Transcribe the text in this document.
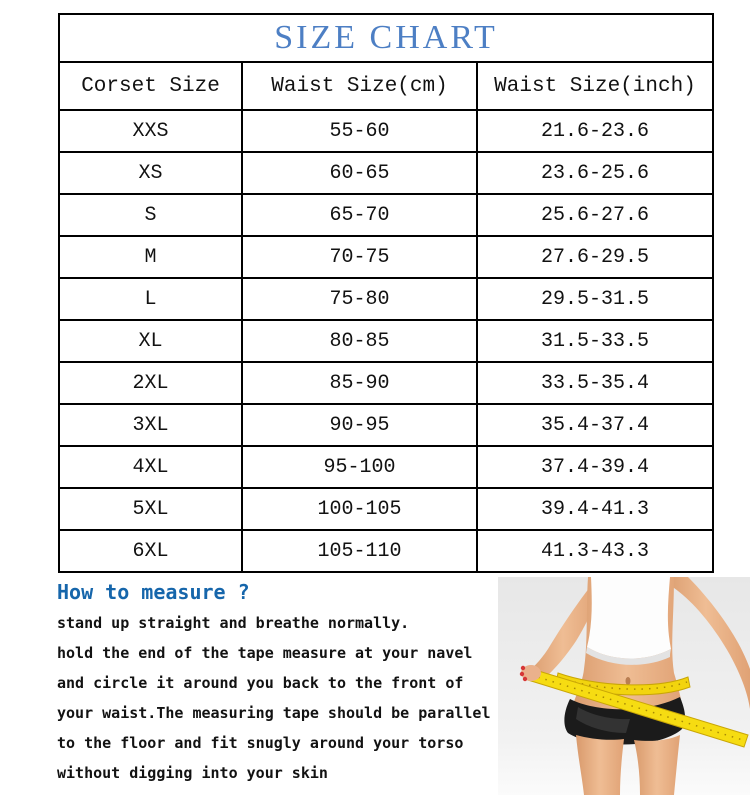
SIZE CHART		
Corset Size	Waist Size(cm)	Waist Size(inch)
XXS	55-60	21.6-23.6
XS	60-65	23.6-25.6
S	65-70	25.6-27.6
M	70-75	27.6-29.5
L	75-80	29.5-31.5
XL	80-85	31.5-33.5
2XL	85-90	33.5-35.4
3XL	90-95	35.4-37.4
4XL	95-100	37.4-39.4
5XL	100-105	39.4-41.3
6XL	105-110	41.3-43.3
How to measure ?
stand up straight and breathe normally.
hold the end of the tape measure at your navel
and circle it around you back to the front of
your waist.The measuring tape should be parallel
to the floor and fit snugly around your torso
without digging into your skin
